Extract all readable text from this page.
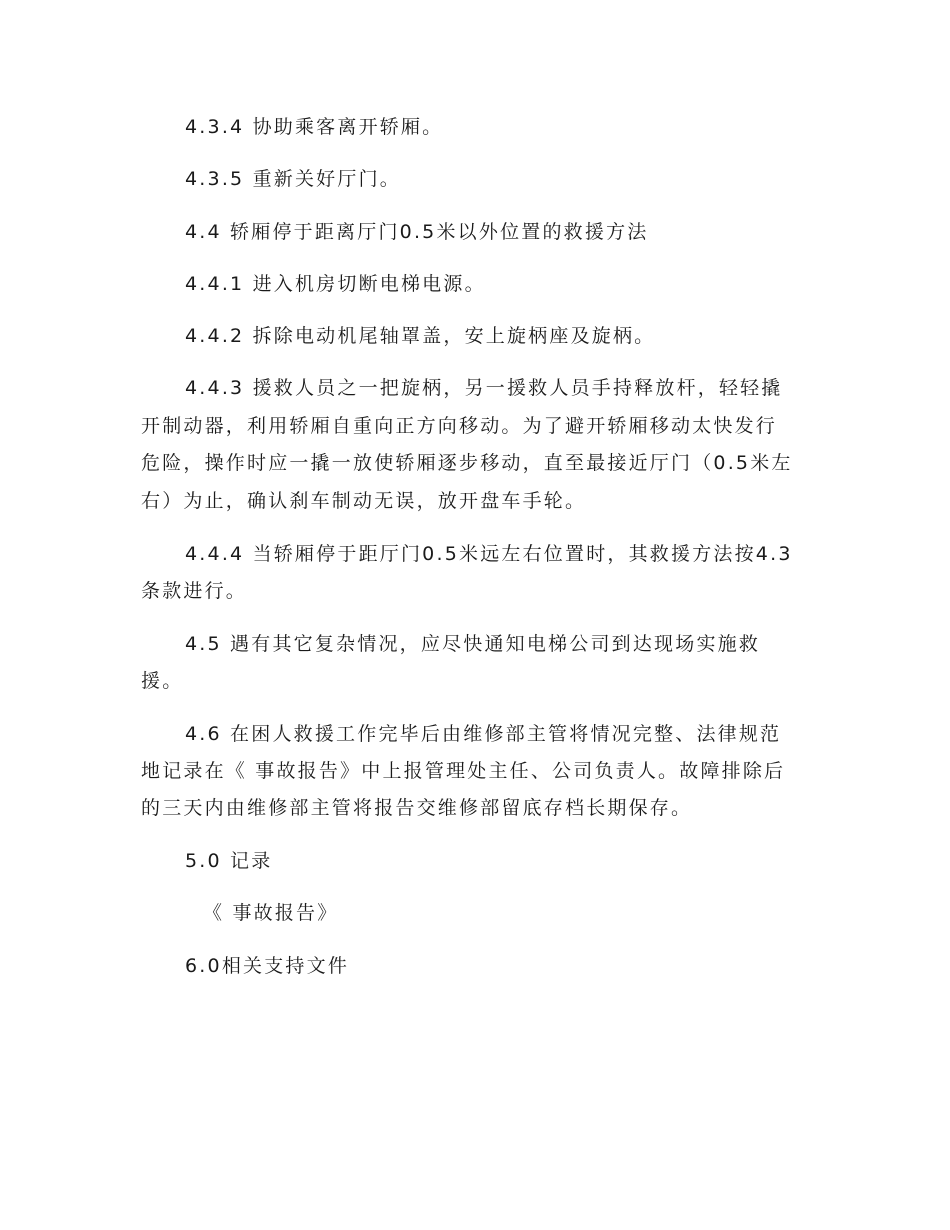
4.3.4 协助乘客离开轿厢。
4.3.5 重新关好厅门。
4.4 轿厢停于距离厅门0.5米以外位置的救援方法
4.4.1 进入机房切断电梯电源。
4.4.2 拆除电动机尾轴罩盖，安上旋柄座及旋柄。
4.4.3 援救人员之一把旋柄，另一援救人员手持释放杆，轻轻撬
开制动器，利用轿厢自重向正方向移动。为了避开轿厢移动太快发行
危险，操作时应一撬一放使轿厢逐步移动，直至最接近厅门（0.5米左
右）为止，确认刹车制动无误，放开盘车手轮。
4.4.4 当轿厢停于距厅门0.5米远左右位置时，其救援方法按4.3
条款进行。
4.5 遇有其它复杂情况，应尽快通知电梯公司到达现场实施救
援。
4.6 在困人救援工作完毕后由维修部主管将情况完整、法律规范
地记录在《 事故报告》中上报管理处主任、公司负责人。故障排除后
的三天内由维修部主管将报告交维修部留底存档长期保存。
5.0 记录
《 事故报告》
6.0相关支持文件
